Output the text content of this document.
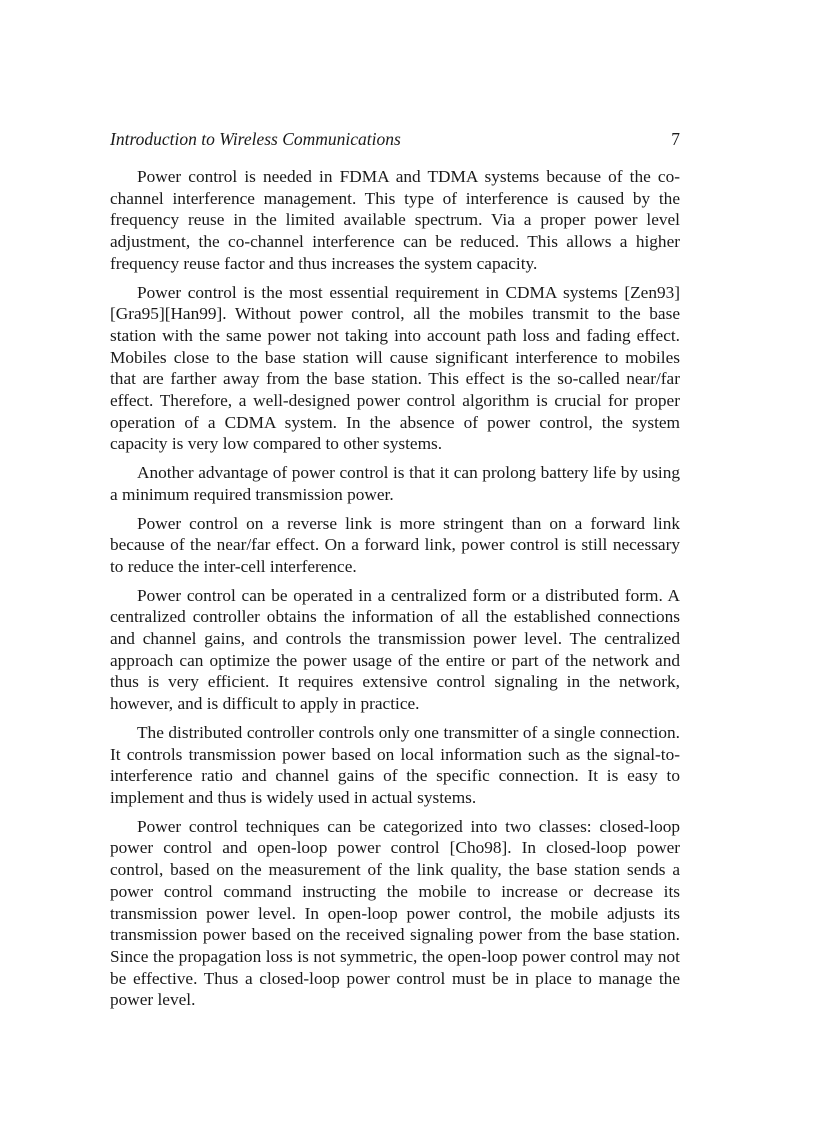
Introduction to Wireless Communications	7

Power control is needed in FDMA and TDMA systems because of the co-channel interference management. This type of interference is caused by the frequency reuse in the limited available spectrum. Via a proper power level adjustment, the co-channel interference can be reduced. This allows a higher frequency reuse factor and thus increases the system capacity.

Power control is the most essential requirement in CDMA systems [Zen93][Gra95][Han99]. Without power control, all the mobiles transmit to the base station with the same power not taking into account path loss and fading effect. Mobiles close to the base station will cause significant interference to mobiles that are farther away from the base station. This effect is the so-called near/far effect. Therefore, a well-designed power control algorithm is crucial for proper operation of a CDMA system. In the absence of power control, the system capacity is very low compared to other systems.

Another advantage of power control is that it can prolong battery life by using a minimum required transmission power.

Power control on a reverse link is more stringent than on a forward link because of the near/far effect. On a forward link, power control is still necessary to reduce the inter-cell interference.

Power control can be operated in a centralized form or a distributed form. A centralized controller obtains the information of all the established connections and channel gains, and controls the transmission power level. The centralized approach can optimize the power usage of the entire or part of the network and thus is very efficient. It requires extensive control signaling in the network, however, and is difficult to apply in practice.

The distributed controller controls only one transmitter of a single connection. It controls transmission power based on local information such as the signal-to-interference ratio and channel gains of the specific connection. It is easy to implement and thus is widely used in actual systems.

Power control techniques can be categorized into two classes: closed-loop power control and open-loop power control [Cho98]. In closed-loop power control, based on the measurement of the link quality, the base station sends a power control command instructing the mobile to increase or decrease its transmission power level. In open-loop power control, the mobile adjusts its transmission power based on the received signaling power from the base station. Since the propagation loss is not symmetric, the open-loop power control may not be effective. Thus a closed-loop power control must be in place to manage the power level.
